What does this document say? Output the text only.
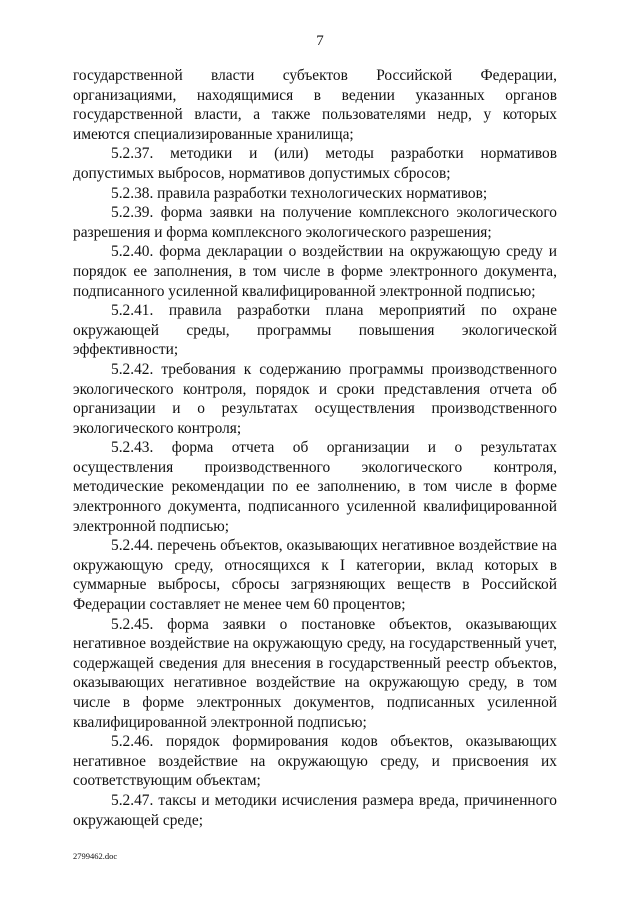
7

государственной власти субъектов Российской Федерации, организациями, находящимися в ведении указанных органов государственной власти, а также пользователями недр, у которых имеются специализированные хранилища;

5.2.37. методики и (или) методы разработки нормативов допустимых выбросов, нормативов допустимых сбросов;

5.2.38. правила разработки технологических нормативов;

5.2.39. форма заявки на получение комплексного экологического разрешения и форма комплексного экологического разрешения;

5.2.40. форма декларации о воздействии на окружающую среду и порядок ее заполнения, в том числе в форме электронного документа, подписанного усиленной квалифицированной электронной подписью;

5.2.41. правила разработки плана мероприятий по охране окружающей среды, программы повышения экологической эффективности;

5.2.42. требования к содержанию программы производственного экологического контроля, порядок и сроки представления отчета об организации и о результатах осуществления производственного экологического контроля;

5.2.43. форма отчета об организации и о результатах осуществления производственного экологического контроля, методические рекомендации по ее заполнению, в том числе в форме электронного документа, подписанного усиленной квалифицированной электронной подписью;

5.2.44. перечень объектов, оказывающих негативное воздействие на окружающую среду, относящихся к I категории, вклад которых в суммарные выбросы, сбросы загрязняющих веществ в Российской Федерации составляет не менее чем 60 процентов;

5.2.45. форма заявки о постановке объектов, оказывающих негативное воздействие на окружающую среду, на государственный учет, содержащей сведения для внесения в государственный реестр объектов, оказывающих негативное воздействие на окружающую среду, в том числе в форме электронных документов, подписанных усиленной квалифицированной электронной подписью;

5.2.46. порядок формирования кодов объектов, оказывающих негативное воздействие на окружающую среду, и присвоения их соответствующим объектам;

5.2.47. таксы и методики исчисления размера вреда, причиненного окружающей среде;

2799462.doc
